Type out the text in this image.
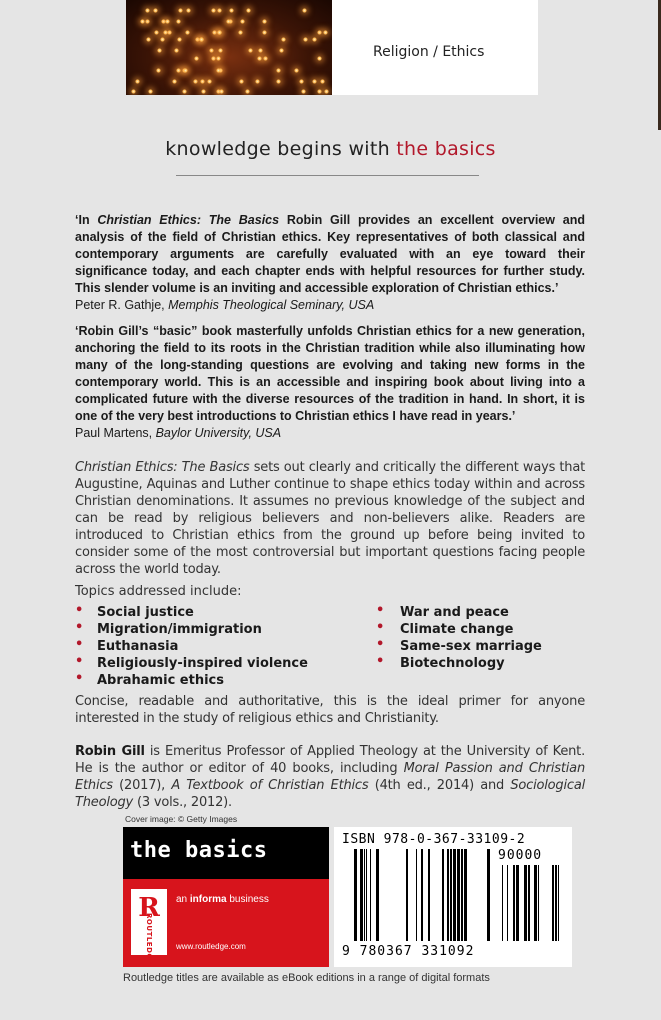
Religion / Ethics
knowledge begins with the basics
‘In Christian Ethics: The Basics Robin Gill provides an excellent overview and analysis of the field of Christian ethics. Key representatives of both classical and contemporary arguments are carefully evaluated with an eye toward their significance today, and each chapter ends with helpful resources for further study. This slender volume is an inviting and accessible exploration of Christian ethics.’
Peter R. Gathje, Memphis Theological Seminary, USA
‘Robin Gill’s “basic” book masterfully unfolds Christian ethics for a new generation, anchoring the field to its roots in the Christian tradition while also illuminating how many of the long-standing questions are evolving and taking new forms in the contemporary world. This is an accessible and inspiring book about living into a complicated future with the diverse resources of the tradition in hand. In short, it is one of the very best introductions to Christian ethics I have read in years.’
Paul Martens, Baylor University, USA
Christian Ethics: The Basics sets out clearly and critically the different ways that Augustine, Aquinas and Luther continue to shape ethics today within and across Christian denominations. It assumes no previous knowledge of the subject and can be read by religious believers and non-believers alike. Readers are introduced to Christian ethics from the ground up before being invited to consider some of the most controversial but important questions facing people across the world today.
Topics addressed include:
• Social justice
• Migration/immigration
• Euthanasia
• Religiously-inspired violence
• Abrahamic ethics
• War and peace
• Climate change
• Same-sex marriage
• Biotechnology
Concise, readable and authoritative, this is the ideal primer for anyone interested in the study of religious ethics and Christianity.
Robin Gill is Emeritus Professor of Applied Theology at the University of Kent. He is the author or editor of 40 books, including Moral Passion and Christian Ethics (2017), A Textbook of Christian Ethics (4th ed., 2014) and Sociological Theology (3 vols., 2012).
Cover image: © Getty Images
the basics
R
ROUTLEDGE
an informa business
www.routledge.com
ISBN 978-0-367-33109-2
90000
9 780367 331092
Routledge titles are available as eBook editions in a range of digital formats
